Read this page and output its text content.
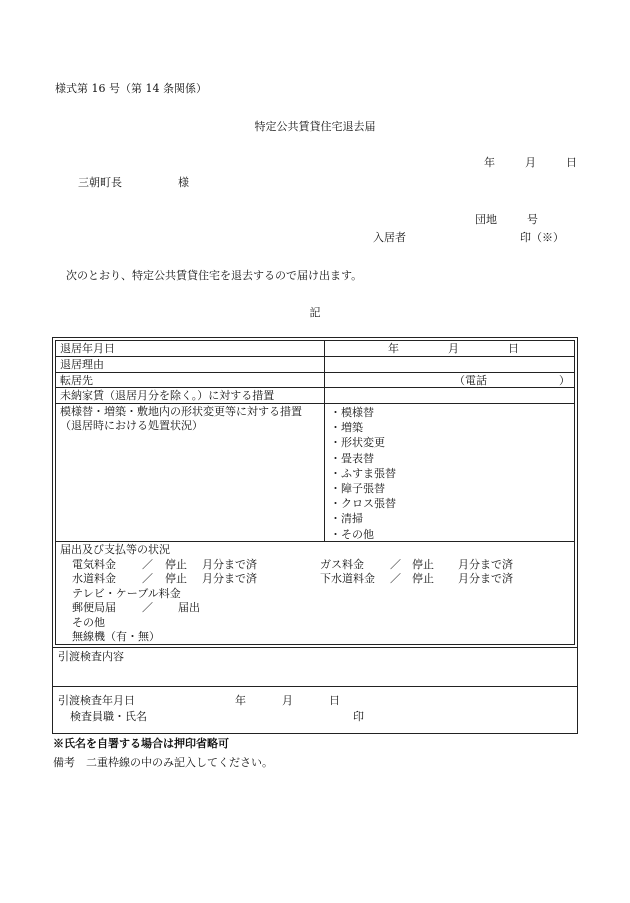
様式第 16 号（第 14 条関係）
特定公共賃貸住宅退去届
年	月	日
三朝町長	様
団地	号
入居者	印（※）
次のとおり、特定公共賃貸住宅を退去するので届け出ます。
記
退居年月日	年	月	日
退居理由
転居先	（電話	）
未納家賃（退居月分を除く。）に対する措置
模様替・増築・敷地内の形状変更等に対する措置
（退居時における処置状況）
・模様替
・増築
・形状変更
・畳表替
・ふすま張替
・障子張替
・クロス張替
・清掃
・その他
届出及び支払等の状況
電気料金 ／ 停止 月分まで済	ガス料金 ／ 停止 月分まで済
水道料金 ／ 停止 月分まで済	下水道料金 ／ 停止 月分まで済
テレビ・ケーブル料金
郵便局届 ／ 届出
その他
無線機（有・無）
引渡検査内容
引渡検査年月日	年	月	日
検査員職・氏名	印
※氏名を自署する場合は押印省略可
備考　二重枠線の中のみ記入してください。
